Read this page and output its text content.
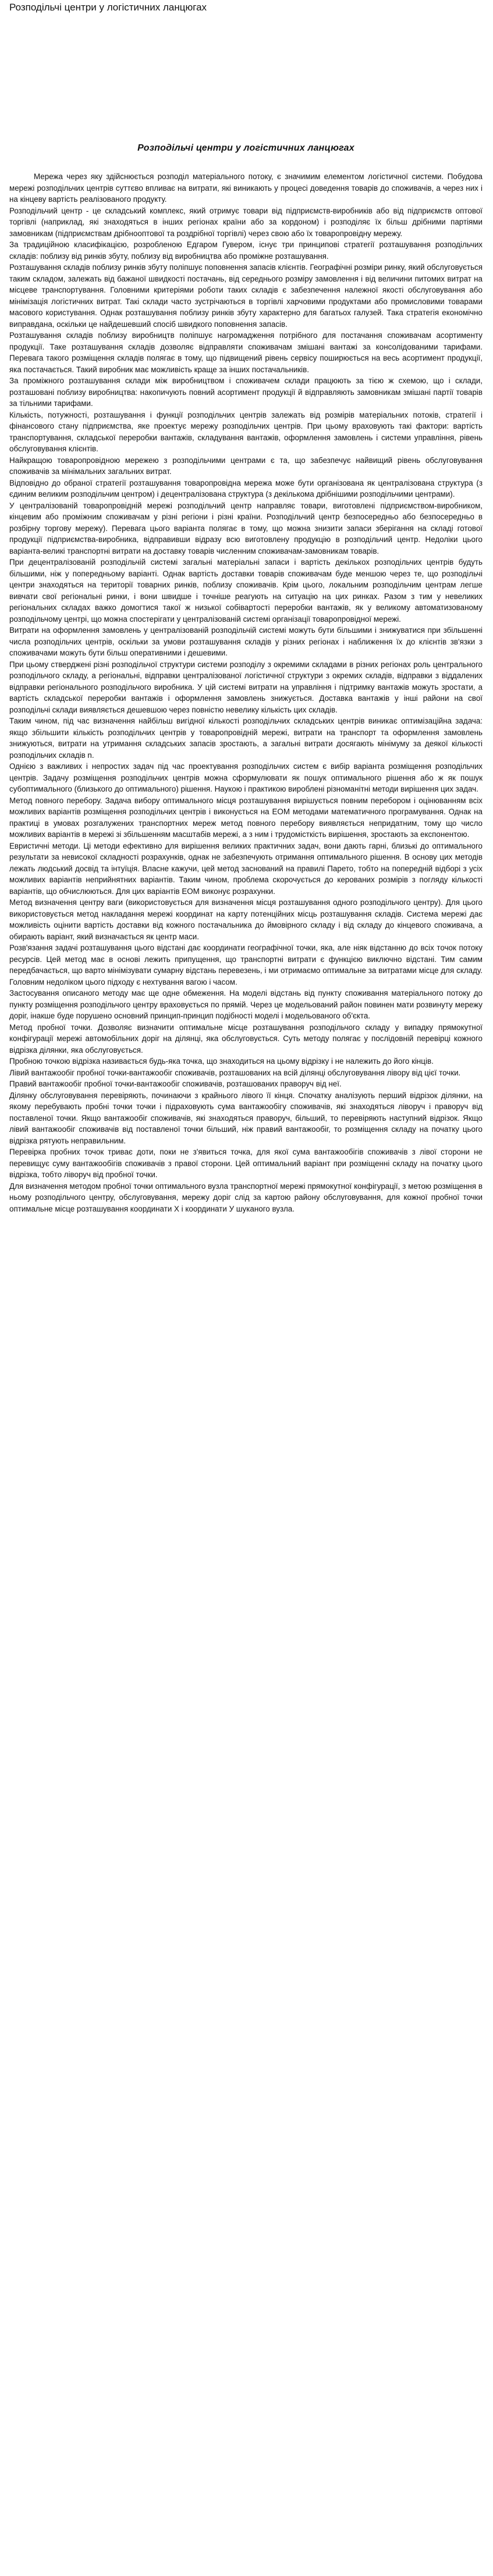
Розподільчі центри у логістичних ланцюгах
Розподільчі центри у логістичних ланцюгах

Мережа через яку здійснюється розподіл матеріального потоку, є значимим елементом логістичної системи. Побудова мережі розподільчих центрів суттєво впливає на витрати, які виникають у процесі доведення товарів до споживачів, а через них і на кінцеву вартість реалізованого продукту.

Розподільчий центр - це складський комплекс, який отримує товари від підприємств-виробників або від підприємств оптової торгівлі (наприклад, які знаходяться в інших регіонах країни або за кордоном) і розподіляє їх більш дрібними партіями замовникам (підприємствам дрібнооптової та роздрібної торгівлі) через свою або їх товаропровідну мережу.

За традиційною класифікацією, розробленою Едгаром Гувером, існує три принципові стратегії розташування розподільчих складів: поблизу від ринків збуту, поблизу від виробництва або проміжне розташування.

Розташування складів поблизу ринків збуту поліпшує поповнення запасів клієнтів. Географічні розміри ринку, який обслуговується таким складом, залежать від бажаної швидкості постачань, від середнього розміру замовлення і від величини питомих витрат на місцеве транспортування. Головними критеріями роботи таких складів є забезпечення належної якості обслуговування або мінімізація логістичних витрат. Такі склади часто зустрічаються в торгівлі харчовими продуктами або промисловими товарами масового користування. Однак розташування поблизу ринків збуту характерно для багатьох галузей. Така стратегія економічно виправдана, оскільки це найдешевший спосіб швидкого поповнення запасів.

Розташування складів поблизу виробництв поліпшує нагромадження потрібного для постачання споживачам асортименту продукції. Таке розташування складів дозволяє відправляти споживачам змішані вантажі за консолідованими тарифами. Перевага такого розміщення складів полягає в тому, що підвищений рівень сервісу поширюється на весь асортимент продукції, яка постачається. Такий виробник має можливість краще за інших постачальників.

За проміжного розташування склади між виробництвом і споживачем склади працюють за тією ж схемою, що і склади, розташовані поблизу виробництва: накопичують повний асортимент продукції й відправляють замовникам змішані партії товарів за тільними тарифами.

Кількість, потужності, розташування і функції розподільчих центрів залежать від розмірів матеріальних потоків, стратегії і фінансового стану підприємства, яке проектує мережу розподільчих центрів. При цьому враховують такі фактори: вартість транспортування, складської переробки вантажів, складування вантажів, оформлення замовлень і системи управління, рівень обслуговування клієнтів.

Найкращою товаропровідною мережею з розподільчими центрами є та, що забезпечує найвищий рівень обслуговування споживачів за мінімальних загальних витрат.

Відповідно до обраної стратегії розташування товаропровідна мережа може бути організована як централізована структура (з єдиним великим розподільчим центром) і децентралізована структура (з декількома дрібнішими розподільчими центрами).

У централізованій товаропровідній мережі розподільчий центр направляє товари, виготовлені підприємством-виробником, кінцевим або проміжним споживачам у різні регіони і різні країни. Розподільчий центр безпосередньо або безпосередньо в розбірну торгову мережу). Перевага цього варіанта полягає в тому, що можна знизити запаси зберігання на складі готової продукції підприємства-виробника, відправивши відразу всю виготовлену продукцію в розподільчий центр. Недоліки цього варіанта-великі транспортні витрати на доставку товарів численним споживачам-замовникам товарів.

При децентралізованій розподільчій системі загальні матеріальні запаси і вартість декількох розподільчих центрів будуть більшими, ніж у попередньому варіанті. Однак вартість доставки товарів споживачам буде меншою через те, що розподільчі центри знаходяться на території товарних ринків, поблизу споживачів. Крім цього, локальним розподільчим центрам легше вивчати свої регіональні ринки, і вони швидше і точніше реагують на ситуацію на цих ринках. Разом з тим у невеликих регіональних складах важко домогтися такої ж низької собівартості переробки вантажів, як у великому автоматизованому розподільчому центрі, що можна спостерігати у централізованій системі організації товаропровідної мережі.

Витрати на оформлення замовлень у централізованій розподільчій системі можуть бути більшими і знижуватися при збільшенні числа розподільчих центрів, оскільки за умови розташування складів у різних регіонах і наближення їх до клієнтів зв'язки з споживачами можуть бути більш оперативними і дешевими.

При цьому стверджені різні розподільчої структури системи розподілу з окремими складами в різних регіонах роль центрального розподільчого складу, а регіональні, відправки централізованої логістичної структури з окремих складів, відправки з віддалених відправки регіонального розподільчого виробника. У цій системі витрати на управління і підтримку вантажів можуть зростати, а вартість складської переробки вантажів і оформлення замовлень знижується. Доставка вантажів у інші райони на свої розподільчі склади виявляється дешевшою через повністю невелику кількість цих складів.

Таким чином, під час визначення найбільш вигідної кількості розподільчих складських центрів виникає оптимізаційна задача: якщо збільшити кількість розподільчих центрів у товаропровідній мережі, витрати на транспорт та оформлення замовлень знижуються, витрати на утримання складських запасів зростають, а загальні витрати досягають мінімуму за деякої кількості розподільчих складів n.

Однією з важливих і непростих задач під час проектування розподільчих систем є вибір варіанта розміщення розподільчих центрів. Задачу розміщення розподільчих центрів можна сформулювати як пошук оптимального рішення або ж як пошук субоптимального (близького до оптимального) рішення. Наукою і практикою вироблені різноманітні методи вирішення цих задач.

Метод повного перебору. Задача вибору оптимального місця розташування вирішується повним перебором і оцінюванням всіх можливих варіантів розміщення розподільчих центрів і виконується на ЕОМ методами математичного програмування. Однак на практиці в умовах розгалужених транспортних мереж метод повного перебору виявляється непридатним, тому що число можливих варіантів в мережі зі збільшенням масштабів мережі, а з ним і трудомісткість вирішення, зростають за експонентою.

Евристичні методи. Ці методи ефективно для вирішення великих практичних задач, вони дають гарні, близькі до оптимального результати за невисокої складності розрахунків, однак не забезпечують отримання оптимального рішення. В основу цих методів лежать людський досвід та інтуїція. Власне кажучи, цей метод заснований на правилі Парето, тобто на попередній відборі з усіх можливих варіантів неприйнятних варіантів. Таким чином, проблема скорочується до керованих розмірів з погляду кількості варіантів, що обчислюються. Для цих варіантів ЕОМ виконує розрахунки.

Метод визначення центру ваги (використовується для визначення місця розташування одного розподільчого центру). Для цього використовується метод накладання мережі координат на карту потенційних місць розташування складів. Система мережі дає можливість оцінити вартість доставки від кожного постачальника до ймовірного складу і від складу до кінцевого споживача, а обирають варіант, який визначається як центр маси.

Розв'язання задачі розташування цього відстані дає координати географічної точки, яка, але ніяк відстанню до всіх точок потоку ресурсів. Цей метод має в основі лежить припущення, що транспортні витрати є функцією виключно відстані. Тим самим передбачається, що варто мінімізувати сумарну відстань перевезень, і ми отримаємо оптимальне за витратами місце для складу. Головним недоліком цього підходу є нехтування вагою і часом.

Застосування описаного методу має ще одне обмеження. На моделі відстань від пункту споживання матеріального потоку до пункту розміщення розподільчого центру враховується по прямій. Через це модельований район повинен мати розвинуту мережу доріг, інакше буде порушено основний принцип-принцип подібності моделі і модельованого об'єкта.

Метод пробної точки. Дозволяє визначити оптимальне місце розташування розподільчого складу у випадку прямокутної конфігурації мережі автомобільних доріг на ділянці, яка обслуговується. Суть методу полягає у послідовній перевірці кожного відрізка ділянки, яка обслуговується.

Пробною точкою відрізка називається будь-яка точка, що знаходиться на цьому відрізку і не належить до його кінців.

Лівий вантажообіг пробної точки-вантажообіг споживачів, розташованих на всій ділянці обслуговування лівору від цієї точки.

Правий вантажообіг пробної точки-вантажообіг споживачів, розташованих праворуч від неї.

Ділянку обслуговування перевіряють, починаючи з крайнього лівого її кінця. Спочатку аналізують перший відрізок ділянки, на якому перебувають пробні точки точки і підраховують сума вантажообігу споживачів, які знаходяться ліворуч і праворуч від поставленої точки. Якщо вантажообіг споживачів, які знаходяться праворуч, більший, то перевіряють наступний відрізок. Якщо лівий вантажообіг споживачів від поставленої точки більший, ніж правий вантажообіг, то розміщення складу на початку цього відрізка рятують неправильним.

Перевірка пробних точок триває доти, поки не з'явиться точка, для якої сума вантажообігів споживачів з лівої сторони не перевищує суму вантажообігів споживачів з правої сторони. Цей оптимальний варіант при розміщенні складу на початку цього відрізка, тобто ліворуч від пробної точки.

Для визначення методом пробної точки оптимального вузла транспортної мережі прямокутної конфігурації, з метою розміщення в ньому розподільчого центру, обслуговування, мережу доріг слід за картою району обслуговування, для кожної пробної точки оптимальне місце розташування координати X і координати У шуканого вузла.
